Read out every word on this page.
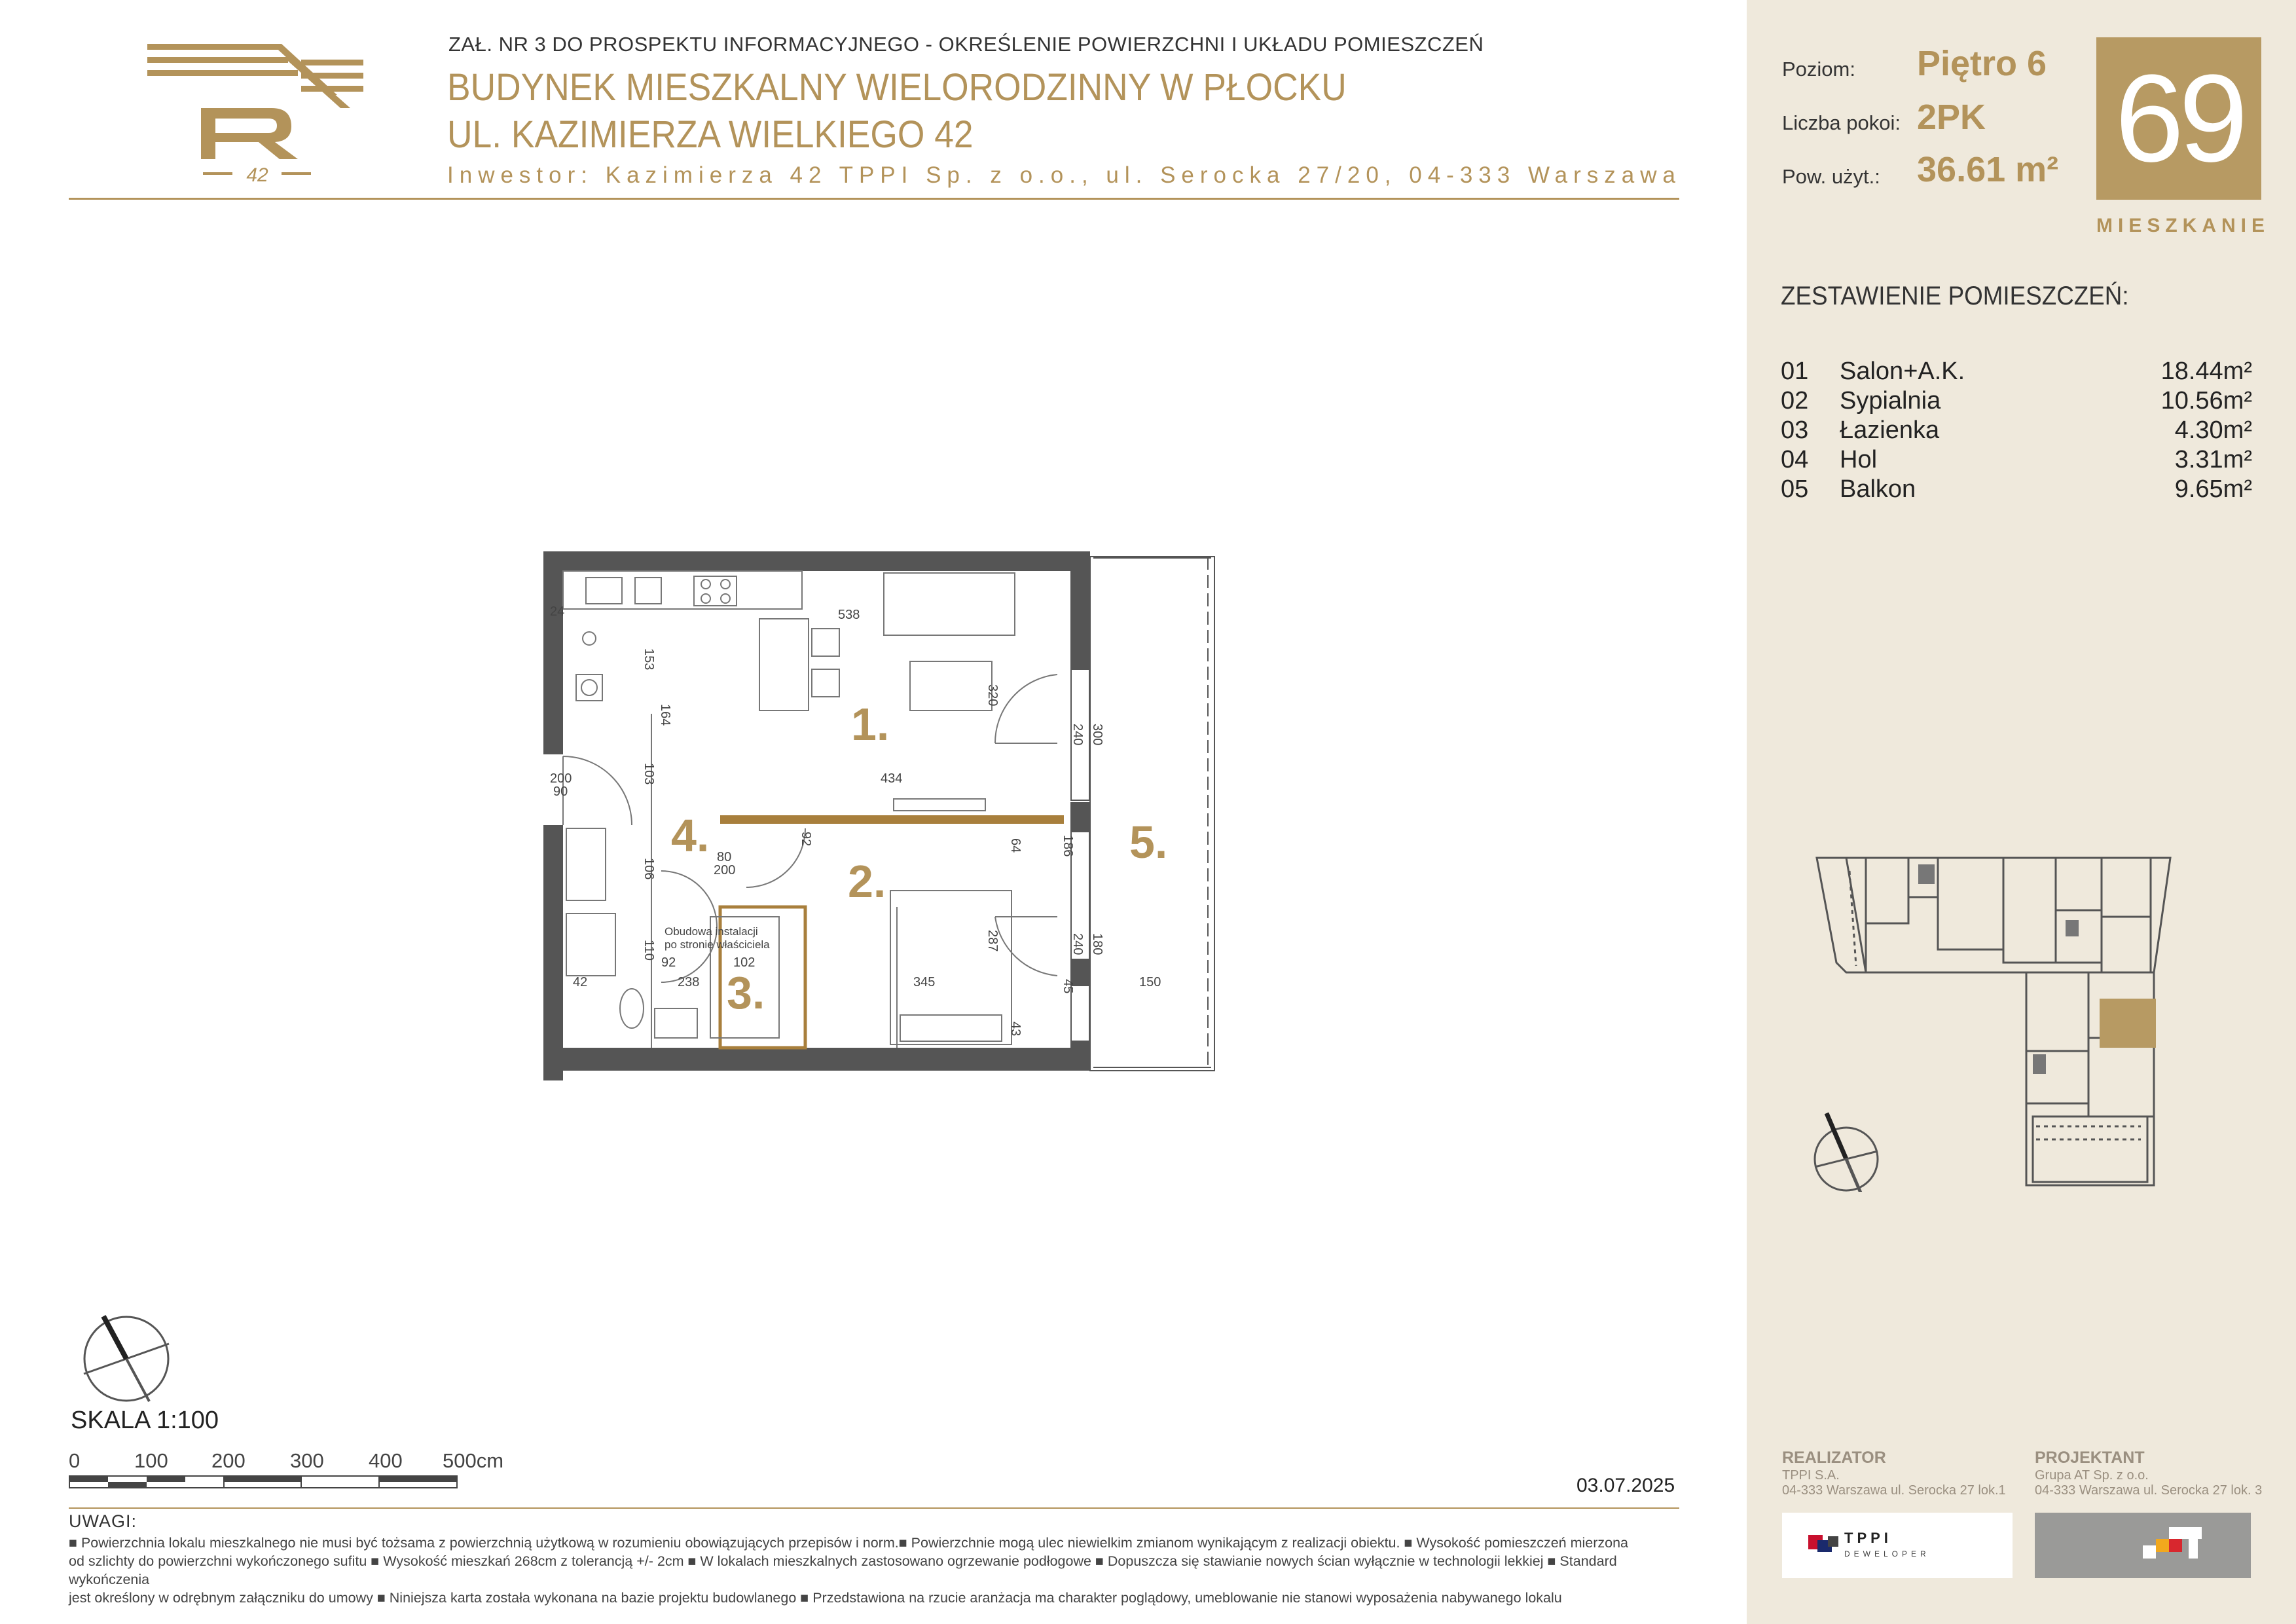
42
ZAŁ. NR 3 DO PROSPEKTU INFORMACYJNEGO - OKREŚLENIE POWIERZCHNI I UKŁADU POMIESZCZEŃ
BUDYNEK MIESZKALNY WIELORODZINNY W PŁOCKU
UL. KAZIMIERZA WIELKIEGO 42
Inwestor: Kazimierza 42 TPPI Sp. z o.o., ul. Serocka 27/20, 04-333 Warszawa
Poziom: Piętro 6
Liczba pokoi: 2PK
Pow. użyt.: 36.61 m² 69
MIESZKANIE
ZESTAWIENIE POMIESZCZEŃ:
01 Salon+A.K.	18.44m²
02 Sypialnia	10.56m²
03 Łazienka	4.30m²
04 Hol	3.31m²
05 Balkon	9.65m²
1.
2.
3.
4.	5.
538
434
345
238
102
92
42
300
240
180
240
150
200
90
80
200
153
164
103
106
287
320
64
92	186
110
43
24
45
Obudowa instalacji
po stronie właściciela
SKALA 1:100
0	100 200 300 400 500cm
03.07.2025
UWAGI:
■ Powierzchnia lokalu mieszkalnego nie musi być tożsama z powierzchnią użytkową w rozumieniu obowiązujących przepisów i norm.■ Powierzchnie mogą ulec niewielkim zmianom wynikającym z realizacji obiektu. ■ Wysokość pomieszczeń mierzona
od szlichty do powierzchni wykończonego sufitu ■ Wysokość mieszkań 268cm z tolerancją +/- 2cm ■ W lokalach mieszkalnych zastosowano ogrzewanie podłogowe ■ Dopuszcza się stawianie nowych ścian wyłącznie w technologii lekkiej ■ Standard wykończenia
jest określony w odrębnym załączniku do umowy ■ Niniejsza karta została wykonana na bazie projektu budowlanego ■ Przedstawiona na rzucie aranżacja ma charakter poglądowy, umeblowanie nie stanowi wyposażenia nabywanego lokalu
REALIZATOR
TPPI S.A.
04-333 Warszawa ul. Serocka 27 lok.1
PROJEKTANT
Grupa AT Sp. z o.o.
04-333 Warszawa ul. Serocka 27 lok. 3
TPPI
DEWELOPER
